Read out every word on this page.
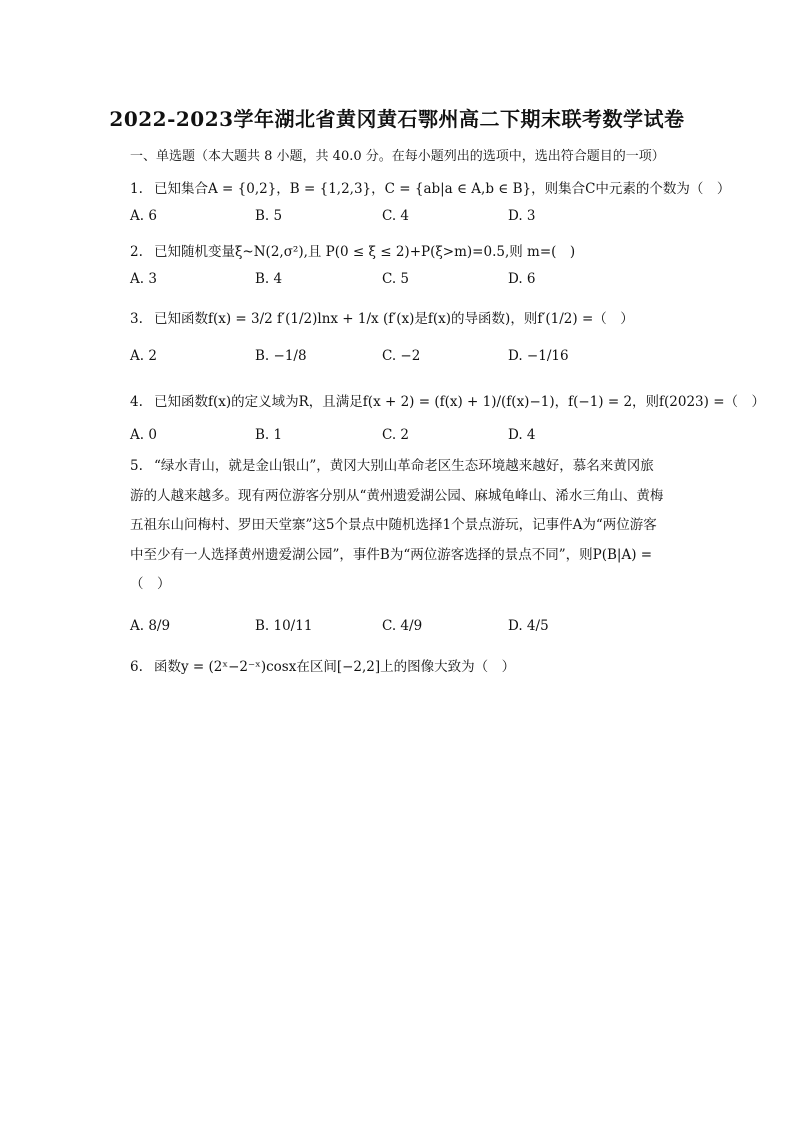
2022-2023学年湖北省黄冈黄石鄂州高二下期末联考数学试卷
一、单选题（本大题共 8 小题，共 40.0 分。在每小题列出的选项中，选出符合题目的一项）
1. 已知集合A = {0,2}，B = {1,2,3}，C = {ab|a ∈ A,b ∈ B}，则集合C中元素的个数为（　）
A. 6	B. 5	C. 4	D. 3
2. 已知随机变量ξ~N(2,σ²),且 P(0 ≤ ξ ≤ 2)+P(ξ>m)=0.5,则 m=(　)
A. 3	B. 4	C. 5	D. 6
3. 已知函数f(x) = 3/2 f′(1/2)lnx + 1/x (f′(x)是f(x)的导函数)，则f′(1/2) =（　）
A. 2	B. −1/8	C. −2	D. −1/16
4. 已知函数f(x)的定义域为R，且满足f(x + 2) = (f(x) + 1)/(f(x)−1)，f(−1) = 2，则f(2023) =（　）
A. 0	B. 1	C. 2	D. 4
5. “绿水青山，就是金山银山”，黄冈大别山革命老区生态环境越来越好，慕名来黄冈旅
游的人越来越多。现有两位游客分别从“黄州遗爱湖公园、麻城龟峰山、浠水三角山、黄梅
五祖东山问梅村、罗田天堂寨”这5个景点中随机选择1个景点游玩，记事件A为“两位游客
中至少有一人选择黄州遗爱湖公园”，事件B为“两位游客选择的景点不同”，则P(B|A) =
（　）
A. 8/9	B. 10/11	C. 4/9	D. 4/5
6. 函数y = (2ˣ−2⁻ˣ)cosx在区间[−2,2]上的图像大致为（　）
